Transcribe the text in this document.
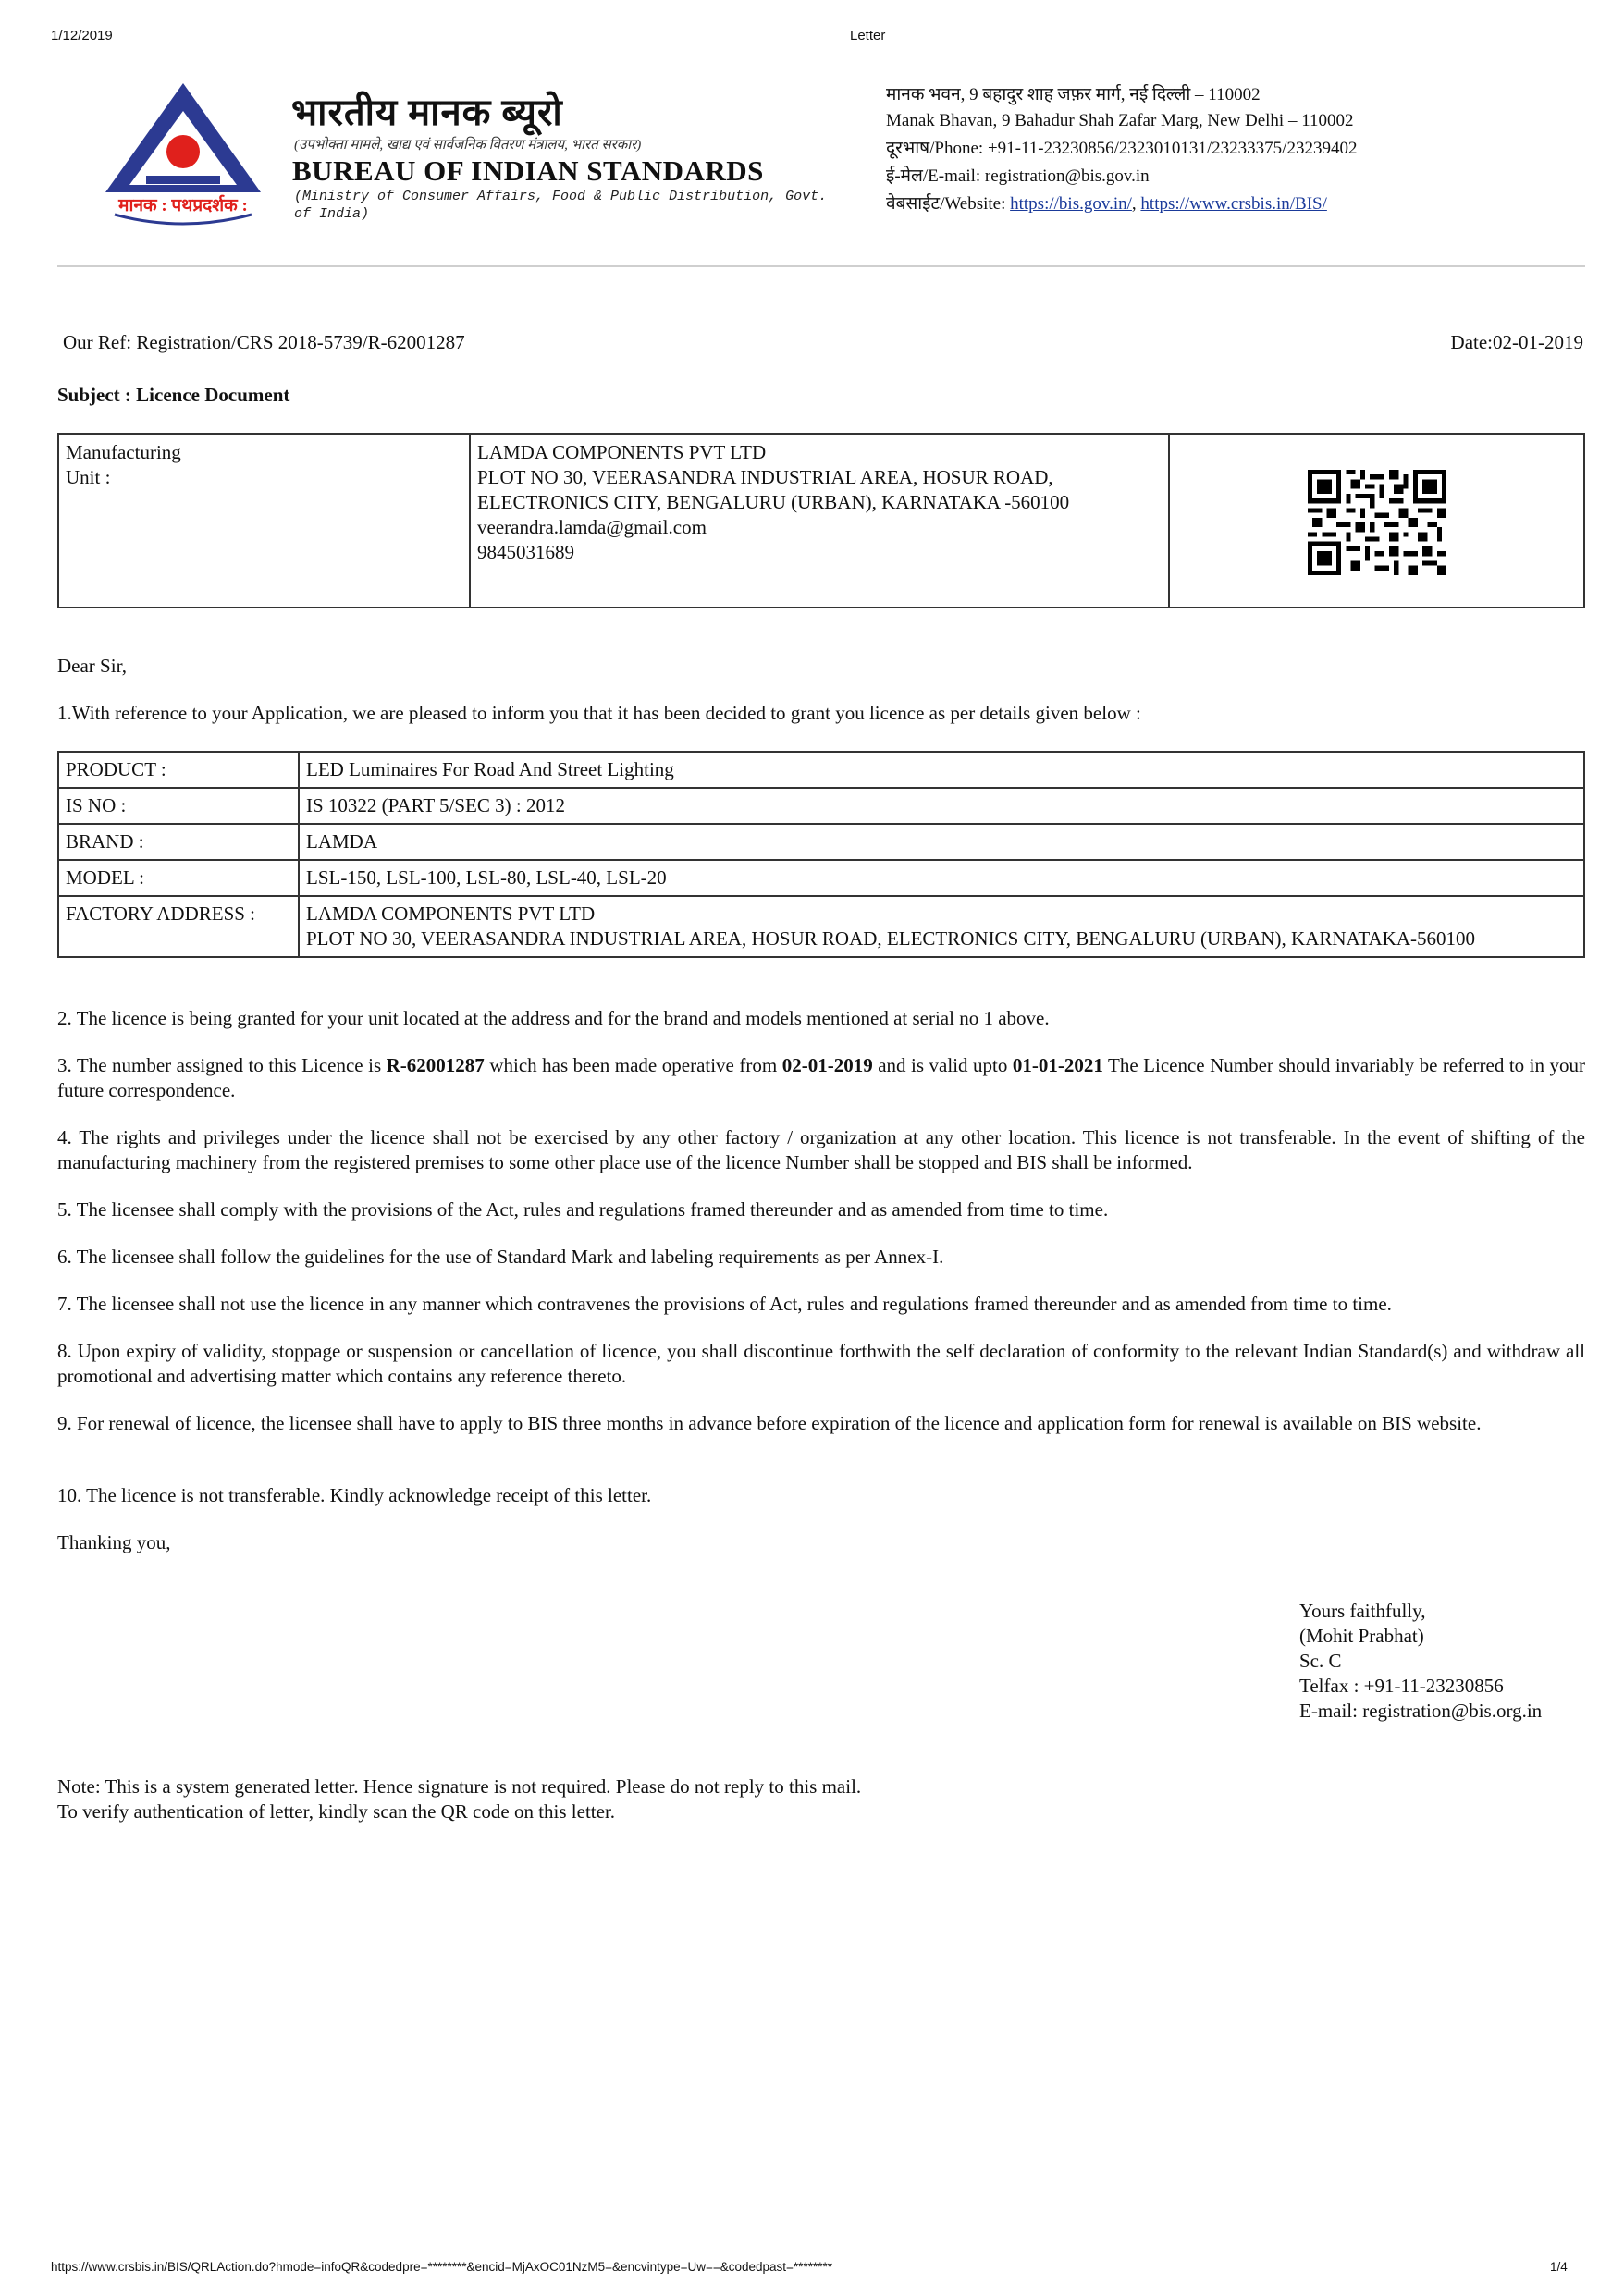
1/12/2019	Letter
मानक : पथप्रदर्शक :
भारतीय मानक ब्यूरो
(उपभोक्ता मामले, खाद्य एवं सार्वजनिक वितरण मंत्रालय, भारत सरकार)
BUREAU OF INDIAN STANDARDS
(Ministry of Consumer Affairs, Food & Public Distribution, Govt. of India)
मानक भवन, 9 बहादुर शाह जफ़र मार्ग, नई दिल्ली – 110002
Manak Bhavan, 9 Bahadur Shah Zafar Marg, New Delhi – 110002
दूरभाष/Phone: +91-11-23230856/2323010131/23233375/23239402
ई-मेल/E-mail: registration@bis.gov.in
वेबसाईट/Website: https://bis.gov.in/, https://www.crsbis.in/BIS/
Our Ref: Registration/CRS 2018-5739/R-62001287	Date:02-01-2019
Subject : Licence Document
Manufacturing
Unit :

LAMDA COMPONENTS PVT LTD
PLOT NO 30, VEERASANDRA INDUSTRIAL AREA, HOSUR ROAD,
ELECTRONICS CITY, BENGALURU (URBAN), KARNATAKA -560100
veerandra.lamda@gmail.com
9845031689

Dear Sir,
1.With reference to your Application, we are pleased to inform you that it has been decided to grant you licence as per details given below :
PRODUCT :	LED Luminaires For Road And Street Lighting
IS NO :	IS 10322 (PART 5/SEC 3) : 2012
BRAND :	LAMDA
MODEL :	LSL-150, LSL-100, LSL-80, LSL-40, LSL-20
FACTORY ADDRESS :	LAMDA COMPONENTS PVT LTD
PLOT NO 30, VEERASANDRA INDUSTRIAL AREA, HOSUR ROAD, ELECTRONICS CITY, BENGALURU (URBAN), KARNATAKA-560100
2. The licence is being granted for your unit located at the address and for the brand and models mentioned at serial no 1 above.
3. The number assigned to this Licence is R-62001287 which has been made operative from 02-01-2019 and is valid upto 01-01-2021 The Licence Number should invariably be referred to in your future correspondence.
4. The rights and privileges under the licence shall not be exercised by any other factory / organization at any other location. This licence is not transferable. In the event of shifting of the manufacturing machinery from the registered premises to some other place use of the licence Number shall be stopped and BIS shall be informed.
5. The licensee shall comply with the provisions of the Act, rules and regulations framed thereunder and as amended from time to time.
6. The licensee shall follow the guidelines for the use of Standard Mark and labeling requirements as per Annex-I.
7. The licensee shall not use the licence in any manner which contravenes the provisions of Act, rules and regulations framed thereunder and as amended from time to time.
8. Upon expiry of validity, stoppage or suspension or cancellation of licence, you shall discontinue forthwith the self declaration of conformity to the relevant Indian Standard(s) and withdraw all promotional and advertising matter which contains any reference thereto.
9. For renewal of licence, the licensee shall have to apply to BIS three months in advance before expiration of the licence and application form for renewal is available on BIS website.
10. The licence is not transferable. Kindly acknowledge receipt of this letter.
Thanking you,
Yours faithfully,
(Mohit Prabhat)
Sc. C
Telfax : +91-11-23230856
E-mail: registration@bis.org.in
Note: This is a system generated letter. Hence signature is not required. Please do not reply to this mail.
To verify authentication of letter, kindly scan the QR code on this letter.
https://www.crsbis.in/BIS/QRLAction.do?hmode=infoQR&codedpre=********&encid=MjAxOC01NzM5=&encvintype=Uw==&codedpast=********	1/4
